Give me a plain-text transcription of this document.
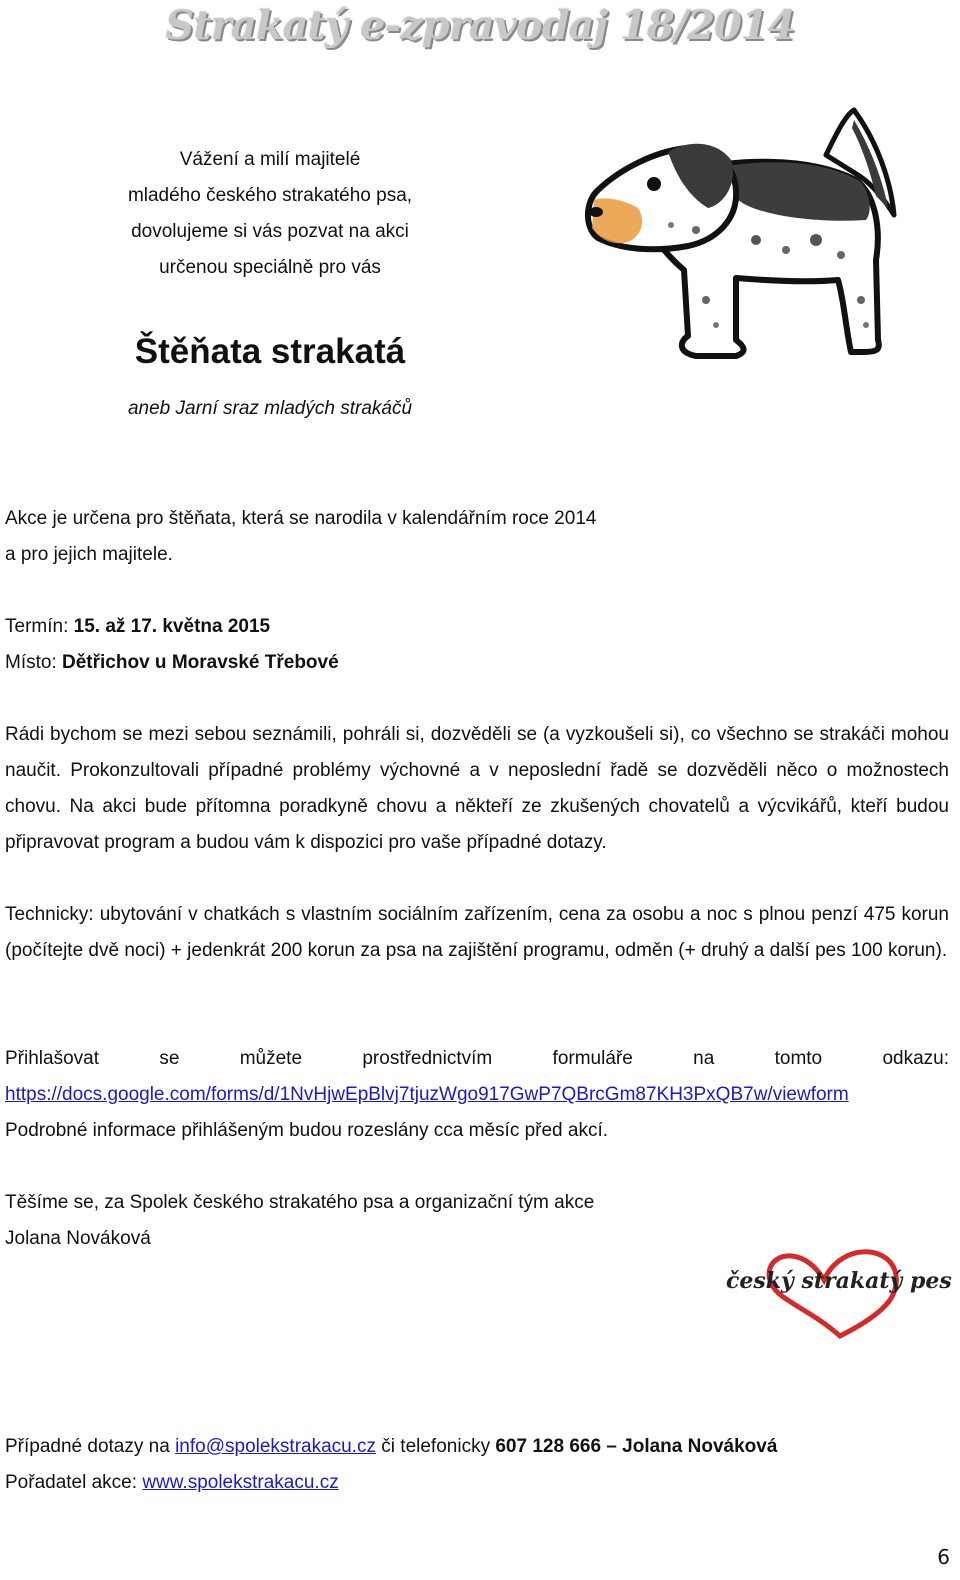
Strakatý e-zpravodaj 18/2014
Vážení a milí majitelé
mladého českého strakatého psa,
dovolujeme si vás pozvat na akci
určenou speciálně pro vás
Štěňata strakatá
aneb Jarní sraz mladých strakáčů
Akce je určena pro štěňata, která se narodila v kalendářním roce 2014
a pro jejich majitele.
Termín: 15. až 17. května 2015
Místo: Dětřichov u Moravské Třebové
Rádi bychom se mezi sebou seznámili, pohráli si, dozvěděli se (a vyzkoušeli si), co všechno se strakáči mohou naučit. Prokonzultovali případné problémy výchovné a v neposlední řadě se dozvěděli něco o možnostech chovu. Na akci bude přítomna poradkyně chovu a někteří ze zkušených chovatelů a výcvikářů, kteří budou připravovat program a budou vám k dispozici pro vaše případné dotazy.
Technicky: ubytování v chatkách s vlastním sociálním zařízením, cena za osobu a noc s plnou penzí 475 korun (počítejte dvě noci) + jedenkrát 200 korun za psa na zajištění programu, odměn (+ druhý a další pes 100 korun).
Přihlašovat se můžete prostřednictvím formuláře na tomto odkazu:
https://docs.google.com/forms/d/1NvHjwEpBlvj7tjuzWgo917GwP7QBrcGm87KH3PxQB7w/viewform
Podrobné informace přihlášeným budou rozeslány cca měsíc před akcí.
Těšíme se, za Spolek českého strakatého psa a organizační tým akce
Jolana Nováková
český strakatý pes
Případné dotazy na info@spolekstrakacu.cz či telefonicky 607 128 666 – Jolana Nováková
Pořadatel akce: www.spolekstrakacu.cz
6
